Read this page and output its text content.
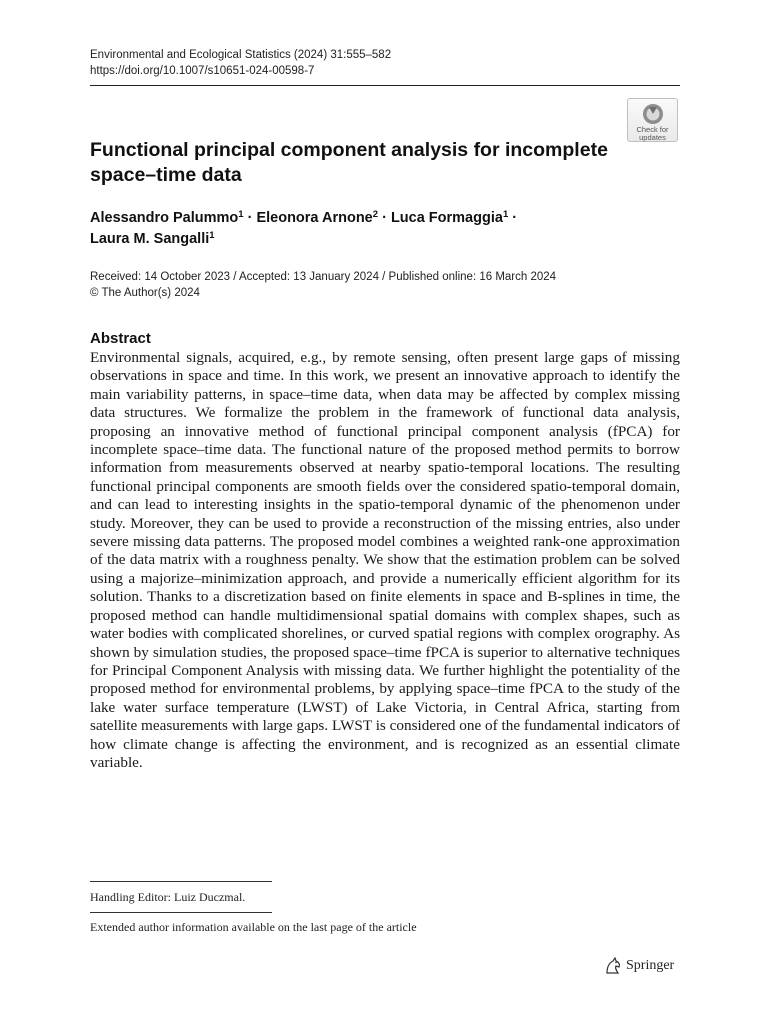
Environmental and Ecological Statistics (2024) 31:555–582
https://doi.org/10.1007/s10651-024-00598-7
Check for
updates
Functional principal component analysis for incomplete space–time data
Alessandro Palummo$^1$ · Eleonora Arnone$^2$ · Luca Formaggia$^1$ ·
Laura M. Sangalli$^1$
Received: 14 October 2023 / Accepted: 13 January 2024 / Published online: 16 March 2024
© The Author(s) 2024
Abstract

Environmental signals, acquired, e.g., by remote sensing, often present large gaps of missing observations in space and time. In this work, we present an innovative approach to identify the main variability patterns, in space–time data, when data may be affected by complex missing data structures. We formalize the problem in the framework of functional data analysis, proposing an innovative method of functional principal component analysis (fPCA) for incomplete space–time data. The functional nature of the proposed method permits to borrow information from measurements observed at nearby spatio-temporal locations. The resulting functional principal components are smooth fields over the considered spatio-temporal domain, and can lead to interesting insights in the spatio-temporal dynamic of the phenomenon under study. Moreover, they can be used to provide a reconstruction of the missing entries, also under severe missing data patterns. The proposed model combines a weighted rank-one approximation of the data matrix with a roughness penalty. We show that the estimation problem can be solved using a majorize–minimization approach, and provide a numerically efficient algorithm for its solution. Thanks to a discretization based on finite elements in space and B-splines in time, the proposed method can handle multidimensional spatial domains with complex shapes, such as water bodies with complicated shorelines, or curved spatial regions with complex orography. As shown by simulation studies, the proposed space–time fPCA is superior to alternative techniques for Principal Component Analysis with missing data. We further highlight the potentiality of the proposed method for environmental problems, by applying space–time fPCA to the study of the lake water surface temperature (LWST) of Lake Victoria, in Central Africa, starting from satellite measurements with large gaps. LWST is considered one of the fundamental indicators of how climate change is affecting the environment, and is recognized as an essential climate variable.

Handling Editor: Luiz Duczmal.
Extended author information available on the last page of the article
Springer
